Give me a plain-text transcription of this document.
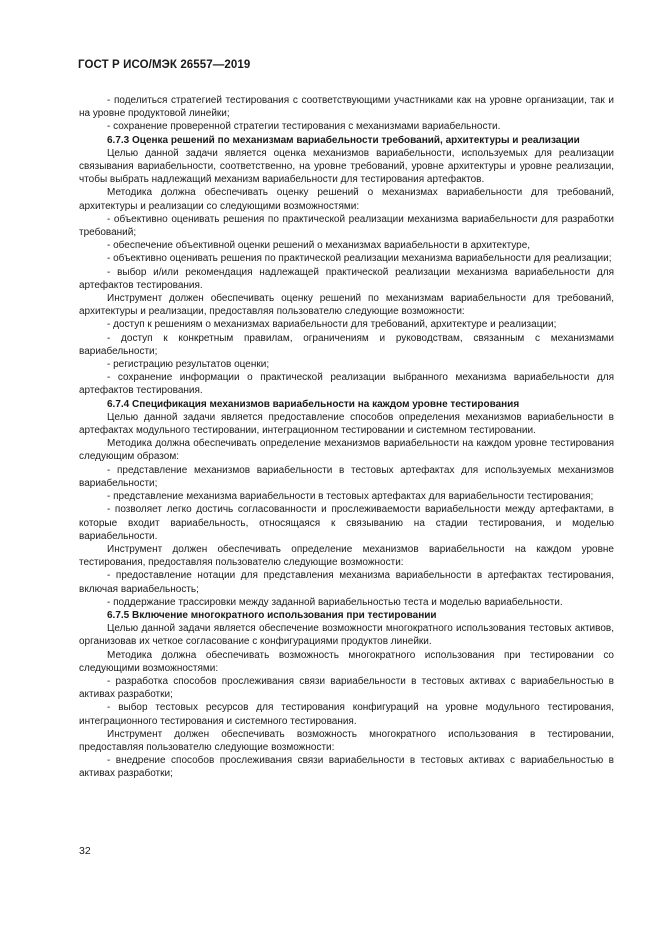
ГОСТ Р ИСО/МЭК 26557—2019

- поделиться стратегией тестирования с соответствующими участниками как на уровне организации, так и на уровне продуктовой линейки;

- сохранение проверенной стратегии тестирования с механизмами вариабельности.

6.7.3 Оценка решений по механизмам вариабельности требований, архитектуры и реализации

Целью данной задачи является оценка механизмов вариабельности, используемых для реализации связывания вариабельности, соответственно, на уровне требований, уровне архитектуры и уровне реализации, чтобы выбрать надлежащий механизм вариабельности для тестирования артефактов.

Методика должна обеспечивать оценку решений о механизмах вариабельности для требований, архитектуры и реализации со следующими возможностями:

- объективно оценивать решения по практической реализации механизма вариабельности для разработки требований;

- обеспечение объективной оценки решений о механизмах вариабельности в архитектуре,

- объективно оценивать решения по практической реализации механизма вариабельности для реализации;

- выбор и/или рекомендация надлежащей практической реализации механизма вариабельности для артефактов тестирования.

Инструмент должен обеспечивать оценку решений по механизмам вариабельности для требований, архитектуры и реализации, предоставляя пользователю следующие возможности:

- доступ к решениям о механизмах вариабельности для требований, архитектуре и реализации;

- доступ к конкретным правилам, ограничениям и руководствам, связанным с механизмами вариабельности;

- регистрацию результатов оценки;

- сохранение информации о практической реализации выбранного механизма вариабельности для артефактов тестирования.

6.7.4 Спецификация механизмов вариабельности на каждом уровне тестирования

Целью данной задачи является предоставление способов определения механизмов вариабельности в артефактах модульного тестировании, интеграционном тестировании и системном тестировании.

Методика должна обеспечивать определение механизмов вариабельности на каждом уровне тестирования следующим образом:

- представление механизмов вариабельности в тестовых артефактах для используемых механизмов вариабельности;

- представление механизма вариабельности в тестовых артефактах для вариабельности тестирования;

- позволяет легко достичь согласованности и прослеживаемости вариабельности между артефактами, в которые входит вариабельность, относящаяся к связыванию на стадии тестирования, и моделью вариабельности.

Инструмент должен обеспечивать определение механизмов вариабельности на каждом уровне тестирования, предоставляя пользователю следующие возможности:

- предоставление нотации для представления механизма вариабельности в артефактах тестирования, включая вариабельность;

- поддержание трассировки между заданной вариабельностью теста и моделью вариабельности.

6.7.5 Включение многократного использования при тестировании

Целью данной задачи является обеспечение возможности многократного использования тестовых активов, организовав их четкое согласование с конфигурациями продуктов линейки.

Методика должна обеспечивать возможность многократного использования при тестировании со следующими возможностями:

- разработка способов прослеживания связи вариабельности в тестовых активах с вариабельностью в активах разработки;

- выбор тестовых ресурсов для тестирования конфигураций на уровне модульного тестирования, интеграционного тестирования и системного тестирования.

Инструмент должен обеспечивать возможность многократного использования в тестировании, предоставляя пользователю следующие возможности:

- внедрение способов прослеживания связи вариабельности в тестовых активах с вариабельностью в активах разработки;

32
